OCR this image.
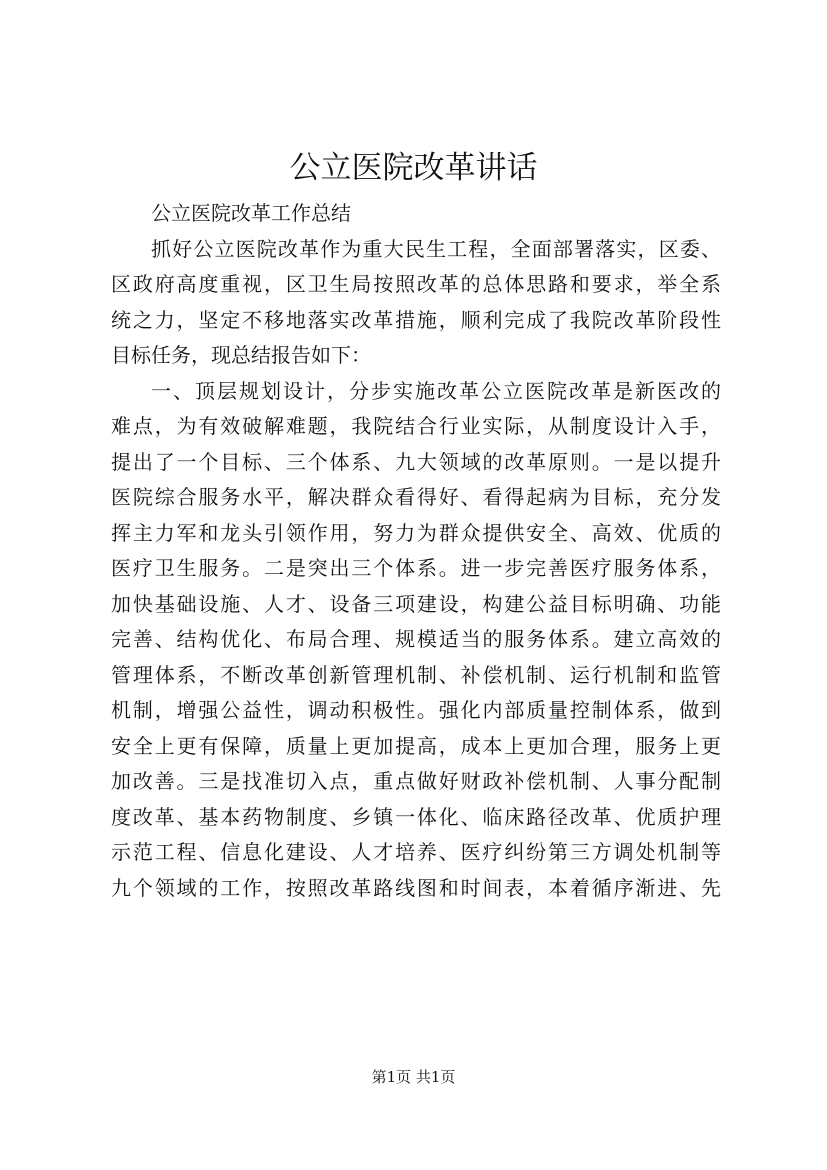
公立医院改革讲话
公立医院改革工作总结
抓好公立医院改革作为重大民生工程，全面部署落实，区委、
区政府高度重视，区卫生局按照改革的总体思路和要求，举全系
统之力，坚定不移地落实改革措施，顺利完成了我院改革阶段性
目标任务，现总结报告如下：
一、顶层规划设计，分步实施改革公立医院改革是新医改的
难点，为有效破解难题，我院结合行业实际，从制度设计入手，
提出了一个目标、三个体系、九大领域的改革原则。一是以提升
医院综合服务水平，解决群众看得好、看得起病为目标，充分发
挥主力军和龙头引领作用，努力为群众提供安全、高效、优质的
医疗卫生服务。二是突出三个体系。进一步完善医疗服务体系，
加快基础设施、人才、设备三项建设，构建公益目标明确、功能
完善、结构优化、布局合理、规模适当的服务体系。建立高效的
管理体系，不断改革创新管理机制、补偿机制、运行机制和监管
机制，增强公益性，调动积极性。强化内部质量控制体系，做到
安全上更有保障，质量上更加提高，成本上更加合理，服务上更
加改善。三是找准切入点，重点做好财政补偿机制、人事分配制
度改革、基本药物制度、乡镇一体化、临床路径改革、优质护理
示范工程、信息化建设、人才培养、医疗纠纷第三方调处机制等
九个领域的工作，按照改革路线图和时间表，本着循序渐进、先
第1页 共1页
